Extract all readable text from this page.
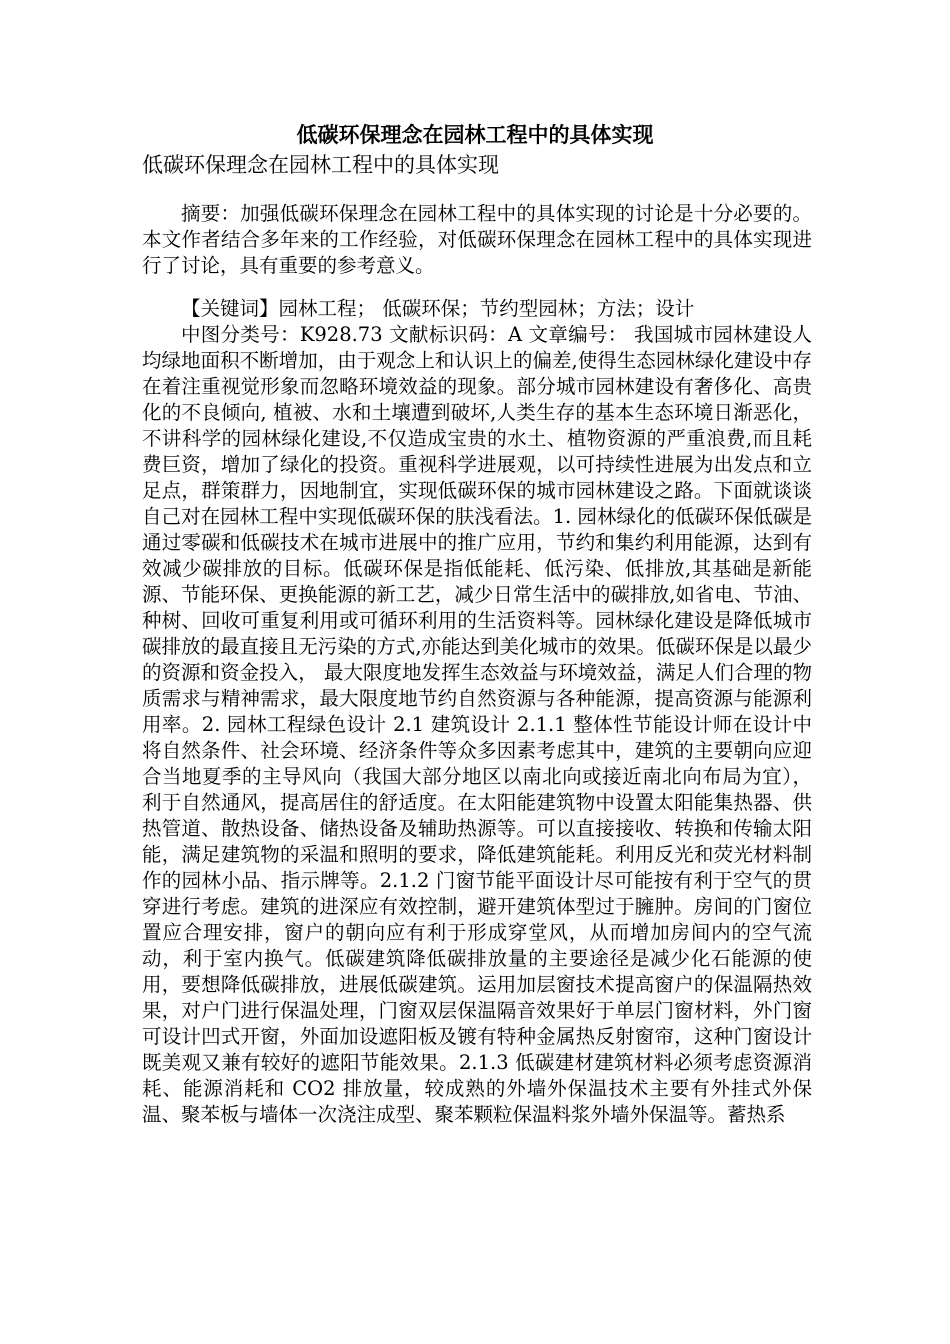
低碳环保理念在园林工程中的具体实现

低碳环保理念在园林工程中的具体实现

摘要：加强低碳环保理念在园林工程中的具体实现的讨论是十分必要的。本文作者结合多年来的工作经验，对低碳环保理念在园林工程中的具体实现进行了讨论，具有重要的参考意义。

【关键词】园林工程； 低碳环保；节约型园林；方法；设计

中图分类号：K928.73 文献标识码：A 文章编号： 我国城市园林建设人均绿地面积不断增加，由于观念上和认识上的偏差,使得生态园林绿化建设中存在着注重视觉形象而忽略环境效益的现象。部分城市园林建设有奢侈化、高贵化的不良倾向, 植被、水和土壤遭到破坏,人类生存的基本生态环境日渐恶化，不讲科学的园林绿化建设,不仅造成宝贵的水土、植物资源的严重浪费,而且耗费巨资，增加了绿化的投资。重视科学进展观，以可持续性进展为出发点和立足点，群策群力，因地制宜，实现低碳环保的城市园林建设之路。下面就谈谈自己对在园林工程中实现低碳环保的肤浅看法。1. 园林绿化的低碳环保低碳是通过零碳和低碳技术在城市进展中的推广应用，节约和集约利用能源，达到有效减少碳排放的目标。低碳环保是指低能耗、低污染、低排放,其基础是新能源、节能环保、更换能源的新工艺，减少日常生活中的碳排放,如省电、节油、种树、回收可重复利用或可循环利用的生活资料等。园林绿化建设是降低城市碳排放的最直接且无污染的方式,亦能达到美化城市的效果。低碳环保是以最少的资源和资金投入， 最大限度地发挥生态效益与环境效益，满足人们合理的物质需求与精神需求，最大限度地节约自然资源与各种能源，提高资源与能源利用率。2. 园林工程绿色设计 2.1 建筑设计 2.1.1 整体性节能设计师在设计中将自然条件、社会环境、经济条件等众多因素考虑其中，建筑的主要朝向应迎合当地夏季的主导风向（我国大部分地区以南北向或接近南北向布局为宜），利于自然通风，提高居住的舒适度。在太阳能建筑物中设置太阳能集热器、供热管道、散热设备、储热设备及辅助热源等。可以直接接收、转换和传输太阳能，满足建筑物的采温和照明的要求，降低建筑能耗。利用反光和荧光材料制作的园林小品、指示牌等。2.1.2 门窗节能平面设计尽可能按有利于空气的贯穿进行考虑。建筑的进深应有效控制，避开建筑体型过于臃肿。房间的门窗位置应合理安排，窗户的朝向应有利于形成穿堂风，从而增加房间内的空气流动，利于室内换气。低碳建筑降低碳排放量的主要途径是减少化石能源的使用，要想降低碳排放，进展低碳建筑。运用加层窗技术提高窗户的保温隔热效果，对户门进行保温处理，门窗双层保温隔音效果好于单层门窗材料，外门窗可设计凹式开窗，外面加设遮阳板及镀有特种金属热反射窗帘，这种门窗设计既美观又兼有较好的遮阳节能效果。2.1.3 低碳建材建筑材料必须考虑资源消耗、能源消耗和 CO2 排放量，较成熟的外墙外保温技术主要有外挂式外保温、聚苯板与墙体一次浇注成型、聚苯颗粒保温料浆外墙外保温等。蓄热系
